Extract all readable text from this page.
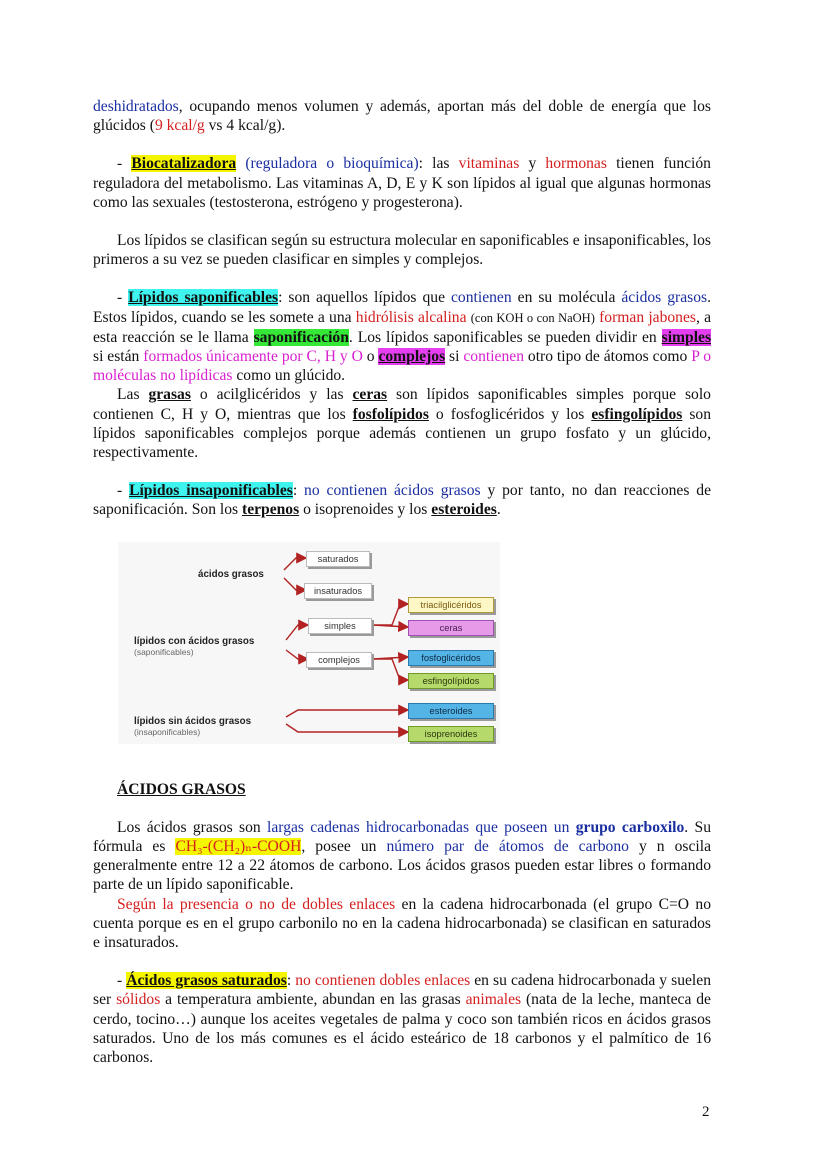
deshidratados, ocupando menos volumen y además, aportan más del doble de energía que los glúcidos (9 kcal/g vs 4 kcal/g).

- Biocatalizadora (reguladora o bioquímica): las vitaminas y hormonas tienen función reguladora del metabolismo. Las vitaminas A, D, E y K son lípidos al igual que algunas hormonas como las sexuales (testosterona, estrógeno y progesterona).

Los lípidos se clasifican según su estructura molecular en saponificables e insaponificables, los primeros a su vez se pueden clasificar en simples y complejos.

- Lípidos saponificables: son aquellos lípidos que contienen en su molécula ácidos grasos. Estos lípidos, cuando se les somete a una hidrólisis alcalina (con KOH o con NaOH) forman jabones, a esta reacción se le llama saponificación. Los lípidos saponificables se pueden dividir en simples si están formados únicamente por C, H y O o complejos si contienen otro tipo de átomos como P o moléculas no lipídicas como un glúcido.

Las grasas o acilglicéridos y las ceras son lípidos saponificables simples porque solo contienen C, H y O, mientras que los fosfolípidos o fosfoglicéridos y los esfingolípidos son lípidos saponificables complejos porque además contienen un grupo fosfato y un glúcido, respectivamente.

- Lípidos insaponificables: no contienen ácidos grasos y por tanto, no dan reacciones de saponificación. Son los terpenos o isoprenoides y los esteroides.

ácidos grasos
lípidos con ácidos grasos
(saponificables)
lípidos sin ácidos grasos
(insaponificables)
saturados
insaturados
simples
complejos
triacilglicéridos
ceras
fosfoglicéridos
esfingolípidos
esteroides
isoprenoides

ÁCIDOS GRASOS

Los ácidos grasos son largas cadenas hidrocarbonadas que poseen un grupo carboxilo. Su fórmula es CH₃-(CH₂)ₙ-COOH, posee un número par de átomos de carbono y n oscila generalmente entre 12 a 22 átomos de carbono. Los ácidos grasos pueden estar libres o formando parte de un lípido saponificable.

Según la presencia o no de dobles enlaces en la cadena hidrocarbonada (el grupo C=O no cuenta porque es en el grupo carbonilo no en la cadena hidrocarbonada) se clasifican en saturados e insaturados.

- Ácidos grasos saturados: no contienen dobles enlaces en su cadena hidrocarbonada y suelen ser sólidos a temperatura ambiente, abundan en las grasas animales (nata de la leche, manteca de cerdo, tocino…) aunque los aceites vegetales de palma y coco son también ricos en ácidos grasos saturados. Uno de los más comunes es el ácido esteárico de 18 carbonos y el palmítico de 16 carbonos.

2
